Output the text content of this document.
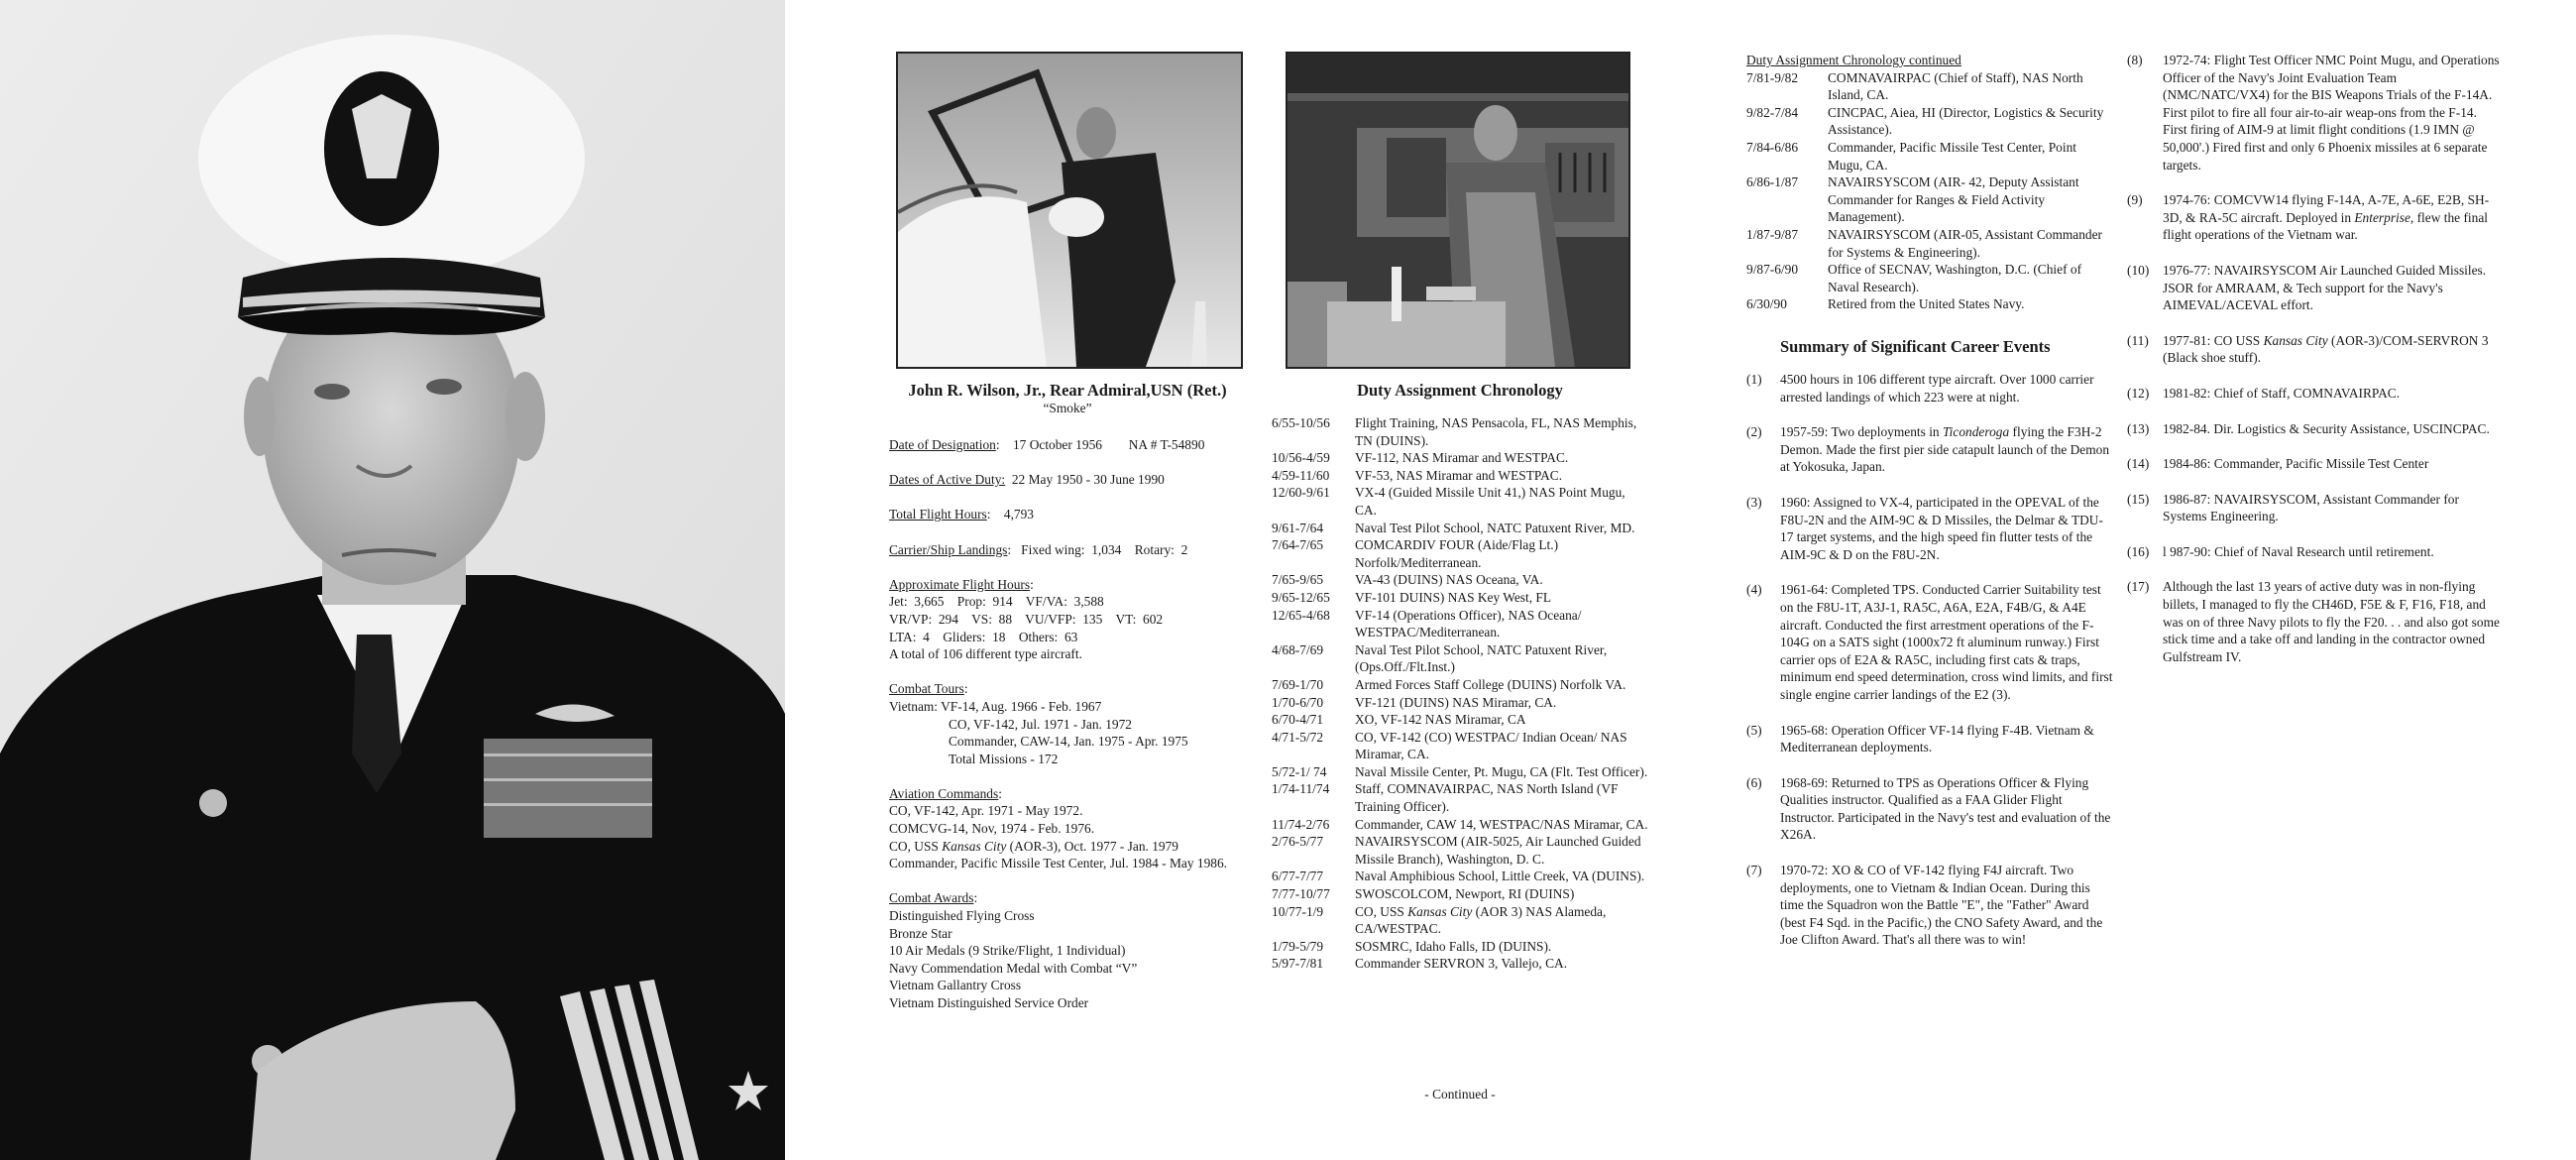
John R. Wilson, Jr., Rear Admiral,USN (Ret.)
“Smoke”
Date of Designation:    17 October 1956 NA # T-54890
Dates of Active Duty: 22 May 1950 - 30 June 1990
Total Flight Hours:    4,793
Carrier/Ship Landings:   Fixed wing:  1,034    Rotary:  2
Approximate Flight Hours:
Jet:  3,665    Prop:  914    VF/VA:  3,588
VR/VP:  294    VS:  88    VU/VFP:  135    VT:  602
LTA:  4    Gliders:  18    Others:  63
A total of 106 different type aircraft.
Combat Tours:
Vietnam: VF-14, Aug. 1966 - Feb. 1967
CO, VF-142, Jul. 1971 - Jan. 1972
Commander, CAW-14, Jan. 1975 - Apr. 1975
Total Missions - 172
Aviation Commands:
CO, VF-142, Apr. 1971 - May 1972.
COMCVG-14, Nov, 1974 - Feb. 1976.
CO, USS Kansas City (AOR-3), Oct. 1977 - Jan. 1979
Commander, Pacific Missile Test Center, Jul. 1984 - May 1986.
Combat Awards:
Distinguished Flying Cross
Bronze Star
10 Air Medals (9 Strike/Flight, 1 Individual)
Navy Commendation Medal with Combat “V”
Vietnam Gallantry Cross
Vietnam Distinguished Service Order
Duty Assignment Chronology
6/55-10/56	Flight Training, NAS Pensacola, FL, NAS Memphis, TN (DUINS).
10/56-4/59	VF-112, NAS Miramar and WESTPAC.
4/59-11/60	VF-53, NAS Miramar and WESTPAC.
12/60-9/61	VX-4 (Guided Missile Unit 41,) NAS Point Mugu, CA.
9/61-7/64	Naval Test Pilot School, NATC Patuxent River, MD.
7/64-7/65	COMCARDIV FOUR (Aide/Flag Lt.) Norfolk/Mediterranean.
7/65-9/65	VA-43 (DUINS) NAS Oceana, VA.
9/65-12/65	VF-101 DUINS) NAS Key West, FL
12/65-4/68	VF-14 (Operations Officer), NAS Oceana/ WESTPAC/Mediterranean.
4/68-7/69	Naval Test Pilot School, NATC Patuxent River, (Ops.Off./Flt.Inst.)
7/69-1/70	Armed Forces Staff College (DUINS) Norfolk VA.
1/70-6/70	VF-121 (DUINS) NAS Miramar, CA.
6/70-4/71	XO, VF-142 NAS Miramar, CA
4/71-5/72	CO, VF-142 (CO) WESTPAC/ Indian Ocean/ NAS Miramar, CA.
5/72-1/ 74	Naval Missile Center, Pt. Mugu, CA (Flt. Test Officer).
1/74-11/74	Staff, COMNAVAIRPAC, NAS North Island (VF Training Officer).
11/74-2/76	Commander, CAW 14, WESTPAC/NAS Miramar, CA.
2/76-5/77	NAVAIRSYSCOM (AIR-5025, Air Launched Guided Missile Branch), Washington, D. C.
6/77-7/77	Naval Amphibious School, Little Creek, VA (DUINS).
7/77-10/77	SWOSCOLCOM, Newport, RI (DUINS)
10/77-1/9	CO, USS Kansas City (AOR 3) NAS Alameda, CA/WESTPAC.
1/79-5/79	SOSMRC, Idaho Falls, ID (DUINS).
5/97-7/81	Commander SERVRON 3, Vallejo, CA.
- Continued -
Duty Assignment Chronology continued
7/81-9/82	COMNAVAIRPAC (Chief of Staff), NAS North Island, CA.
9/82-7/84	CINCPAC, Aiea, HI (Director, Logistics & Security Assistance).
7/84-6/86	Commander, Pacific Missile Test Center, Point Mugu, CA.
6/86-1/87	NAVAIRSYSCOM (AIR- 42, Deputy Assistant Commander for Ranges & Field Activity Management).
1/87-9/87	NAVAIRSYSCOM (AIR-05, Assistant Commander for Systems & Engineering).
9/87-6/90	Office of SECNAV, Washington, D.C. (Chief of Naval Research).
6/30/90	Retired from the United States Navy.
Summary of Significant Career Events
(1)	4500 hours in 106 different type aircraft. Over 1000 carrier arrested landings of which 223 were at night.
(2)	1957-59: Two deployments in Ticonderoga flying the F3H-2 Demon. Made the first pier side catapult launch of the Demon at Yokosuka, Japan.
(3)	1960: Assigned to VX-4, participated in the OPEVAL of the F8U-2N and the AIM-9C & D Missiles, the Delmar & TDU- 17 target systems, and the high speed fin flutter tests of the AIM-9C & D on the F8U-2N.
(4)	1961-64: Completed TPS. Conducted Carrier Suitability test on the F8U-1T, A3J-1, RA5C, A6A, E2A, F4B/G, & A4E aircraft. Conducted the first arrestment operations of the F-104G on a SATS sight (1000x72 ft aluminum runway.) First carrier ops of E2A & RA5C, including first cats & traps, minimum end speed determination, cross wind limits, and first single engine carrier landings of the E2 (3).
(5)	1965-68: Operation Officer VF-14 flying F-4B. Vietnam & Mediterranean deployments.
(6)	1968-69: Returned to TPS as Operations Officer & Flying Qualities instructor. Qualified as a FAA Glider Flight Instructor. Participated in the Navy's test and evaluation of the X26A.
(7)	1970-72: XO & CO of VF-142 flying F4J aircraft. Two deployments, one to Vietnam & Indian Ocean. During this time the Squadron won the Battle "E", the "Father" Award (best F4 Sqd. in the Pacific,) the CNO Safety Award, and the Joe Clifton Award. That's all there was to win!
(8)	1972-74: Flight Test Officer NMC Point Mugu, and Operations Officer of the Navy's Joint Evaluation Team (NMC/NATC/VX4) for the BIS Weapons Trials of the F-14A. First pilot to fire all four air-to-air weap-ons from the F-14. First firing of AIM-9 at limit flight conditions (1.9 IMN @ 50,000'.) Fired first and only 6 Phoenix missiles at 6 separate targets.
(9)	1974-76: COMCVW14 flying F-14A, A-7E, A-6E, E2B, SH-3D, & RA-5C aircraft. Deployed in Enterprise, flew the final flight operations of the Vietnam war.
(10)	1976-77: NAVAIRSYSCOM Air Launched Guided Missiles. JSOR for AMRAAM, & Tech support for the Navy's AIMEVAL/ACEVAL effort.
(11)	1977-81: CO USS Kansas City (AOR-3)/COM-SERVRON 3 (Black shoe stuff).
(12)	1981-82: Chief of Staff, COMNAVAIRPAC.
(13)	1982-84. Dir. Logistics & Security Assistance, USCINCPAC.
(14)	1984-86: Commander, Pacific Missile Test Center
(15)	1986-87: NAVAIRSYSCOM, Assistant Commander for Systems Engineering.
(16)	l 987-90: Chief of Naval Research until retirement.
(17)	Although the last 13 years of active duty was in non-flying billets, I managed to fly the CH46D, F5E & F, F16, F18, and was on of three Navy pilots to fly the F20. . . and also got some stick time and a take off and landing in the contractor owned Gulfstream IV.
